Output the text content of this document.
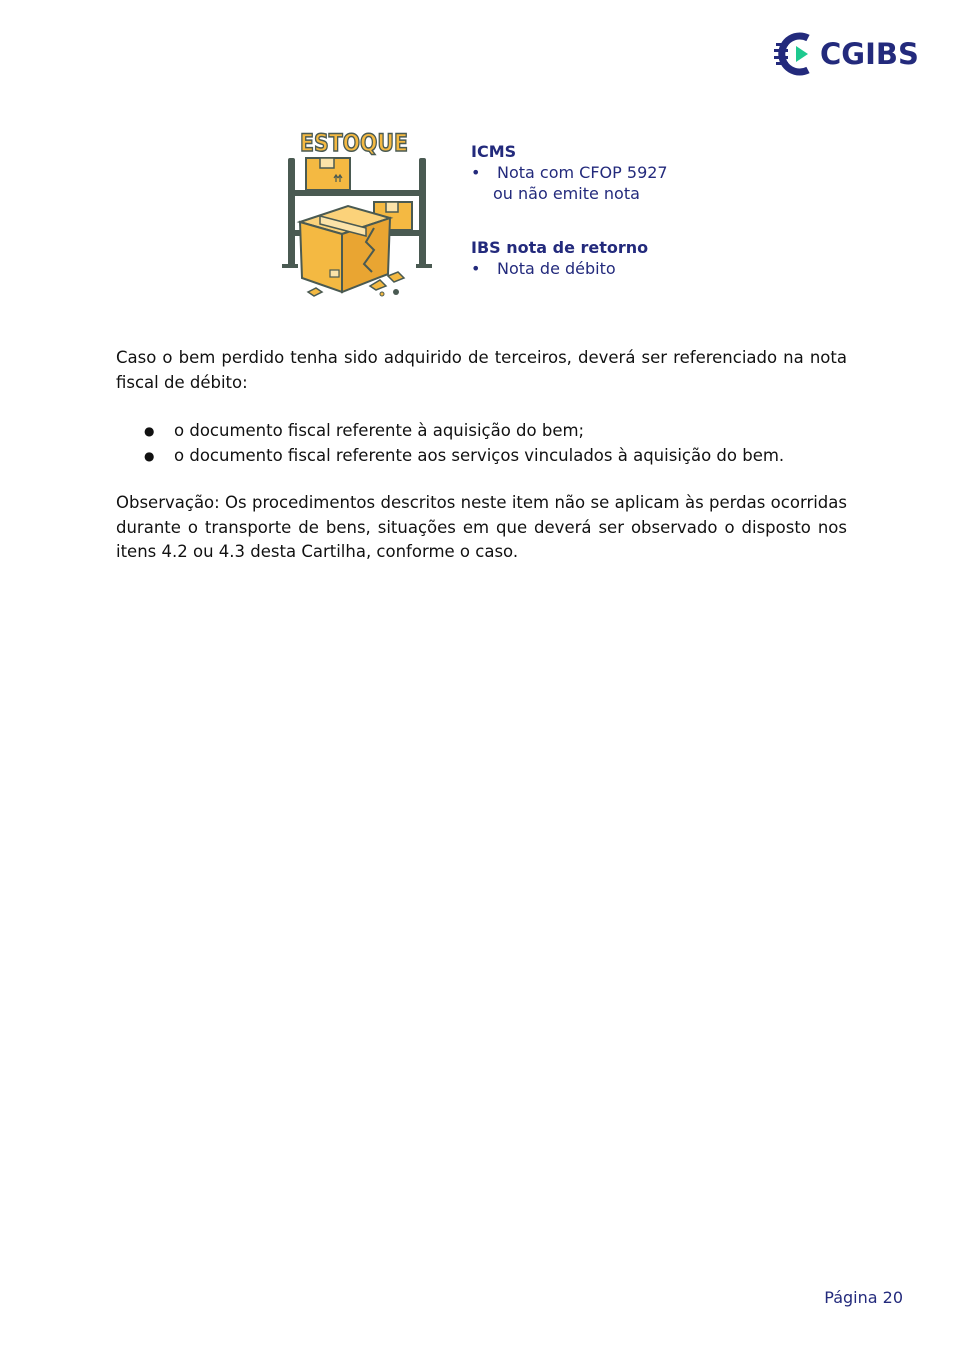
CGIBS
ESTOQUE	ICMS
•	Nota com CFOP 5927
ou não emite nota
IBS nota de retorno
•	Nota de débito
Caso o bem perdido tenha sido adquirido de terceiros, deverá ser referenciado na nota fiscal de débito:
●	o documento fiscal referente à aquisição do bem;
●	o documento fiscal referente aos serviços vinculados à aquisição do bem.
Observação: Os procedimentos descritos neste item não se aplicam às perdas ocorridas durante o transporte de bens, situações em que deverá ser observado o disposto nos itens 4.2 ou 4.3 desta Cartilha, conforme o caso.
Página 20
